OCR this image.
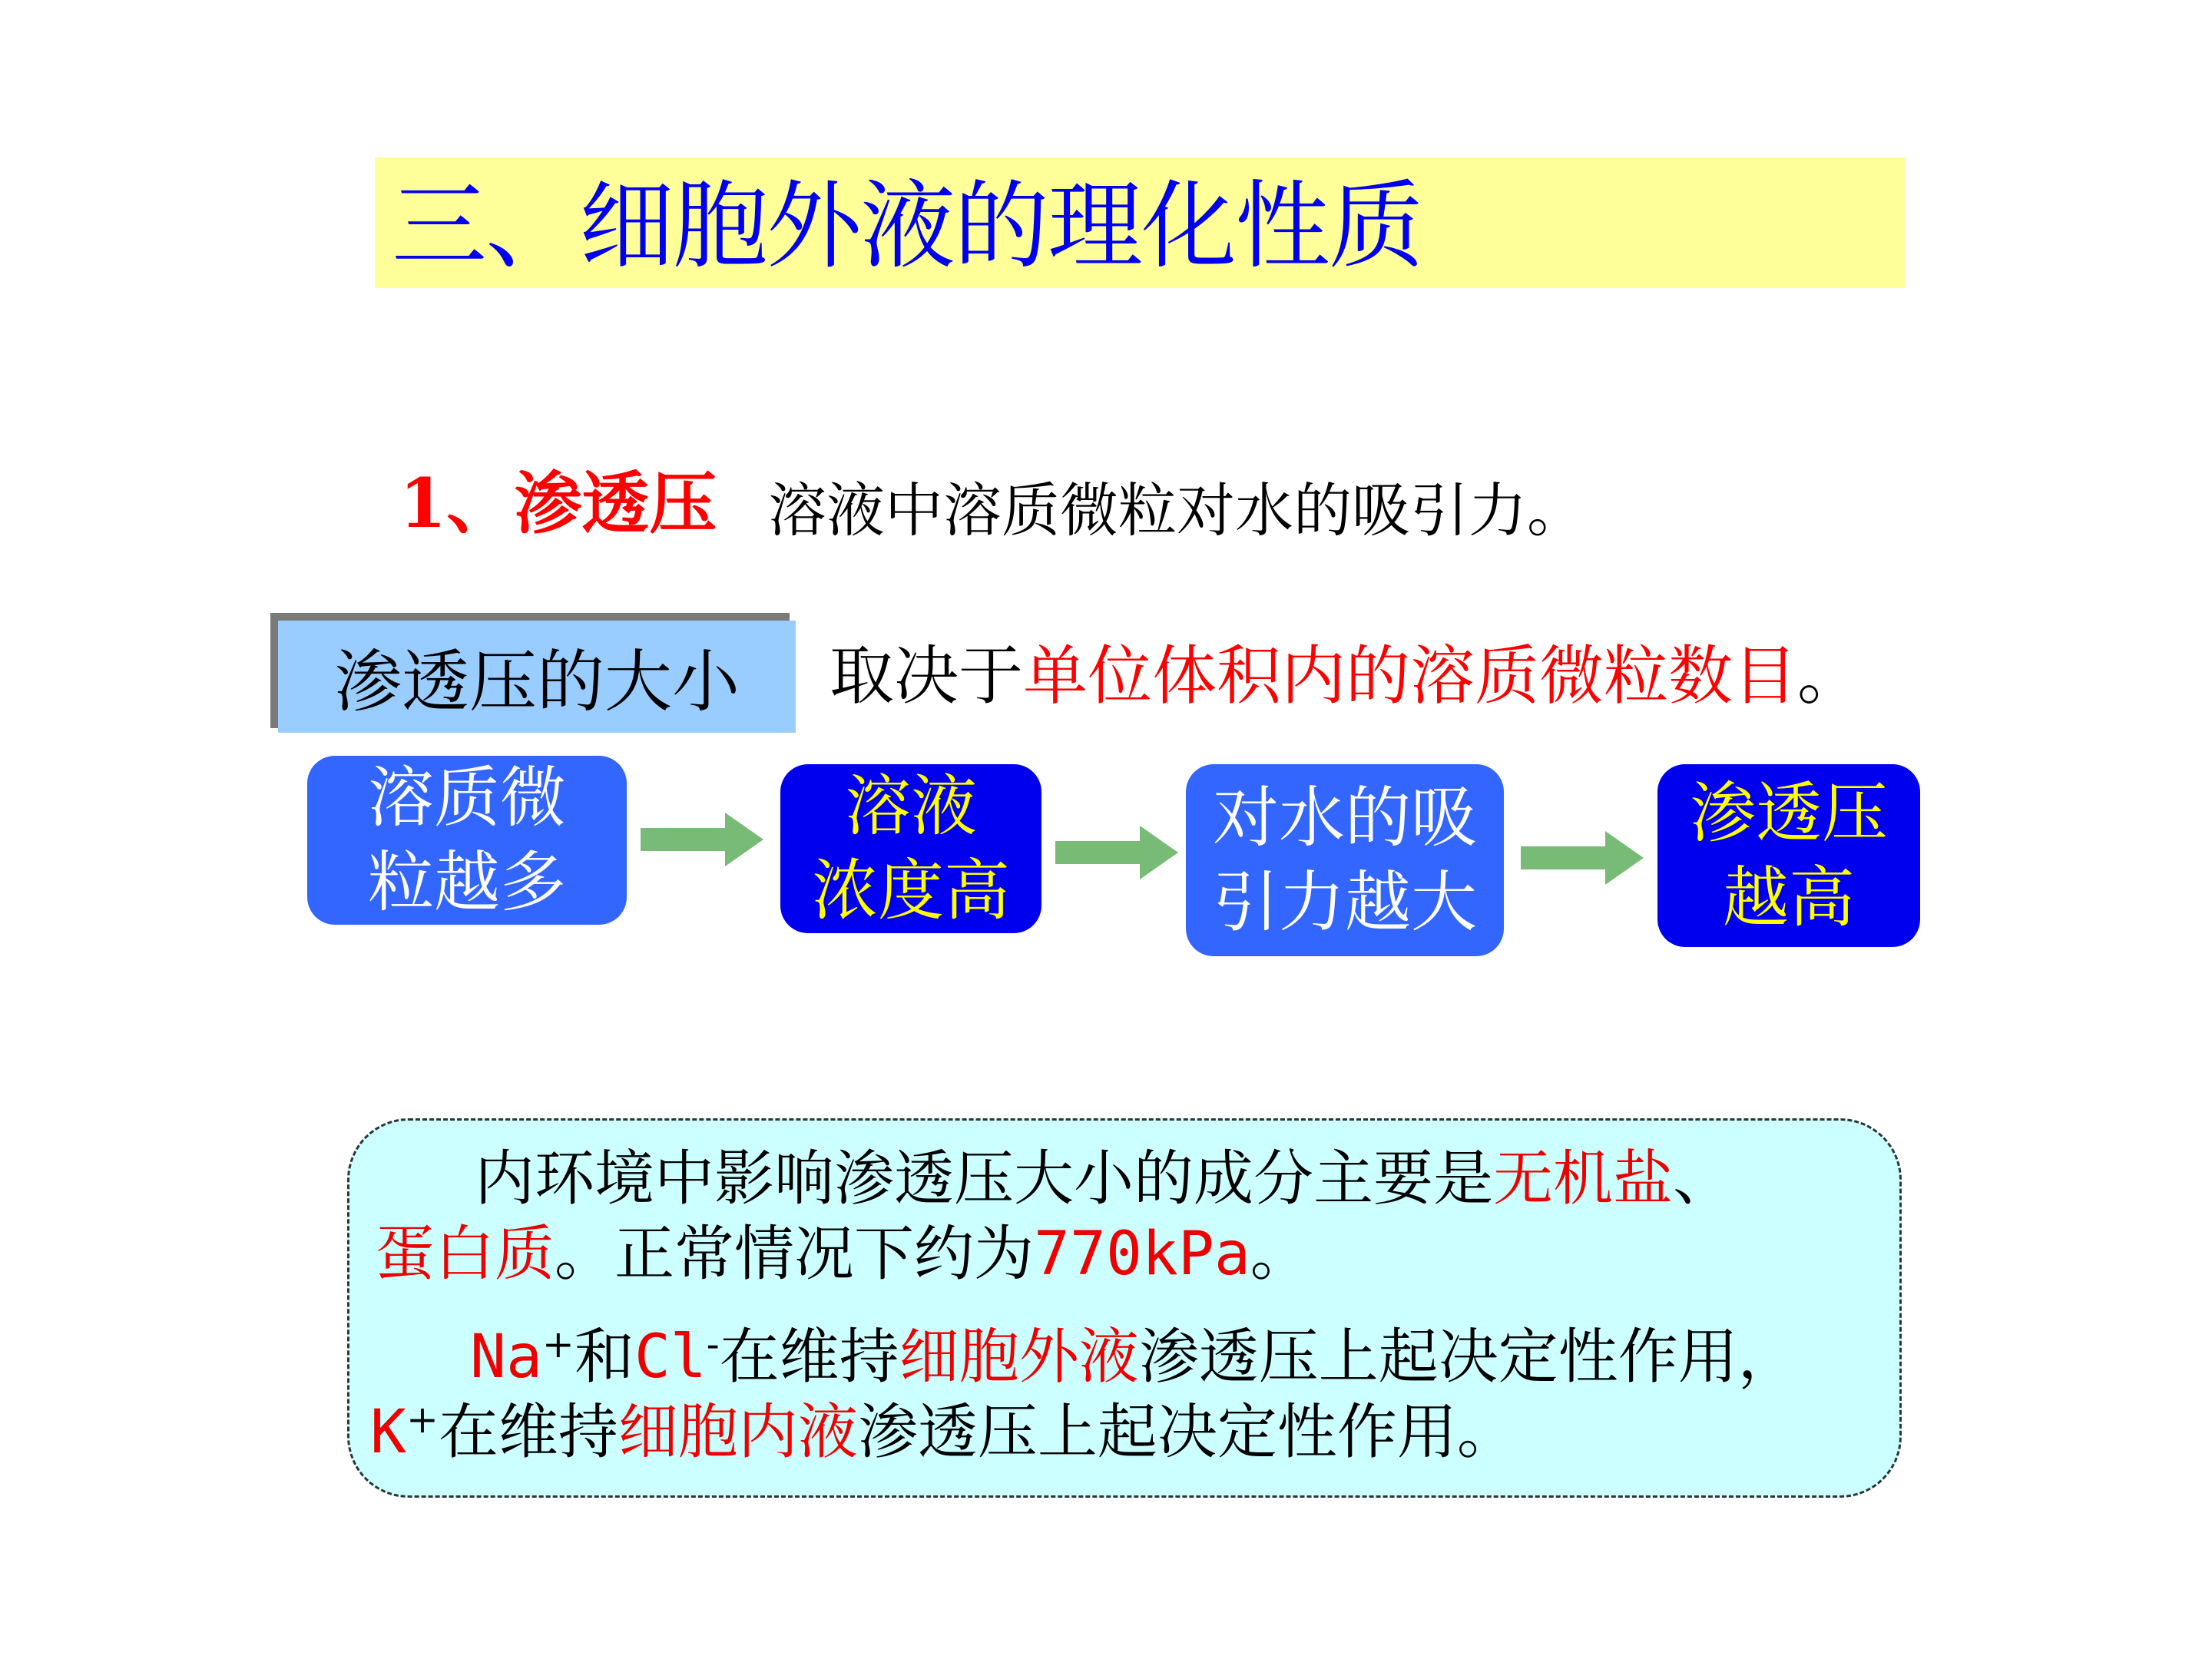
三、细胞外液的理化性质
1、渗透压 溶液中溶质微粒对水的吸引力。
渗透压的大小	取决于单位体积内的溶质微粒数目。
溶质微
粒越多
溶液
浓度高
对水的吸
引力越大
渗透压
越高
内环境中影响渗透压大小的成分主要是无机盐、
蛋白质。正常情况下约为770kPa。
Na+和Cl-在维持细胞外液渗透压上起决定性作用，
K+在维持细胞内液渗透压上起决定性作用。
